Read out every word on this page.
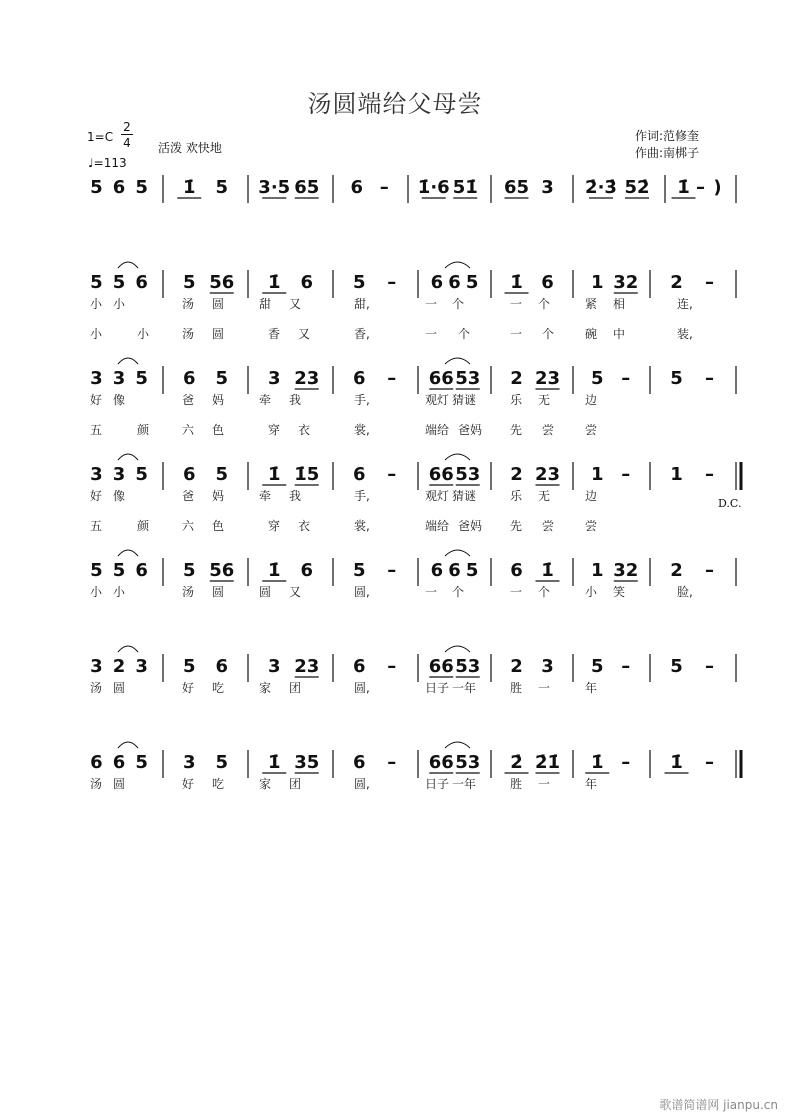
汤圆端给父母尝
1=C
2
4
♩=113
活泼 欢快地
作词:范修奎
作曲:南梆子
D.C.
歌谱简谱网 jianpu.cn
5 6 5 1̇ 5 3·5 65 6 – 1̇·6 51̇ 65 3 2̇·3̇ 52̇ 1̇ – )
5 5 6 5 56 1̇ 6 5 – 6 6 5 1̇ 6 1 32 2 –
小 小	汤 圆	甜 又	甜,	一 个	一 个	紧 相	连,
小	小	汤 圆	香 又	香,	一 个	一 个	碗 中	装,
3 3 5 6 5 3 23 6 – 66 53 2 23 5 – 5 –
好 像	爸 妈	牵 我	手,	观灯 猜谜	乐 无	边
五	颜	六 色	穿 衣	裳,	端给 爸妈 先 尝	尝
3 3 5 6 5 1̇ 1̇5 6 – 66 53 2 23 1 – 1 –
好 像	爸 妈	牵 我	手,	观灯 猜谜	乐 无	边
五	颜	六 色	穿 衣	裳,	端给 爸妈 先 尝	尝
5 5 6 5 56 1̇ 6 5 – 6 6 5 6 1̇ 1 32 2 –
小 小	汤 圆	圆 又	圆,	一 个	一 个	小 笑	脸,
3 2 3 5 6 3 23 6 – 66 53 2 3 5 – 5 –
汤 圆	好 吃	家 团	圆,	日子 一年	胜 一	年
6 6 5 3 5 1̇ 35 6 – 66 53 2̇ 2̇1̇ 1̇ – 1̇ –
汤 圆	好 吃	家 团	圆,	日子 一年	胜 一	年
